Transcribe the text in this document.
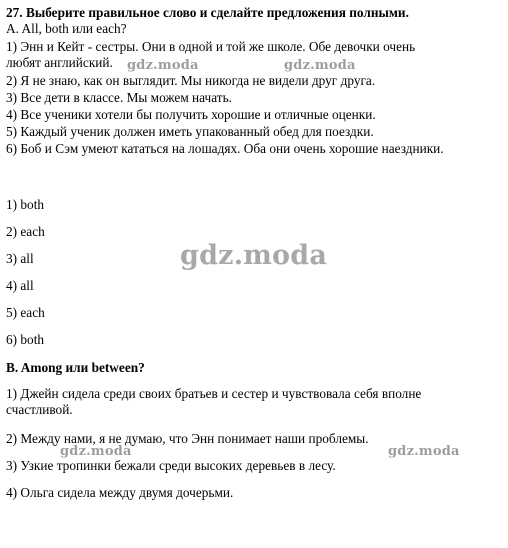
27. Выберите правильное слово и сделайте предложения полными.
A. All, both или each?
1) Энн и Кейт - сестры. Они в одной и той же школе. Обе девочки очень
любят английский.
2) Я не знаю, как он выглядит. Мы никогда не видели друг друга.
3) Все дети в классе. Мы можем начать.
4) Все ученики хотели бы получить хорошие и отличные оценки.
5) Каждый ученик должен иметь упакованный обед для поездки.
6) Боб и Сэм умеют кататься на лошадях. Оба они очень хорошие наездники.
1) both
2) each
3) all
4) all
5) each
6) both
B. Among или between?
1) Джейн сидела среди своих братьев и сестер и чувствовала себя вполне
счастливой.
2) Между нами, я не думаю, что Энн понимает наши проблемы.
3) Узкие тропинки бежали среди высоких деревьев в лесу.
4) Ольга сидела между двумя дочерьми.
gdz.moda	gdz.moda
gdz.moda
gdz.moda	gdz.moda
